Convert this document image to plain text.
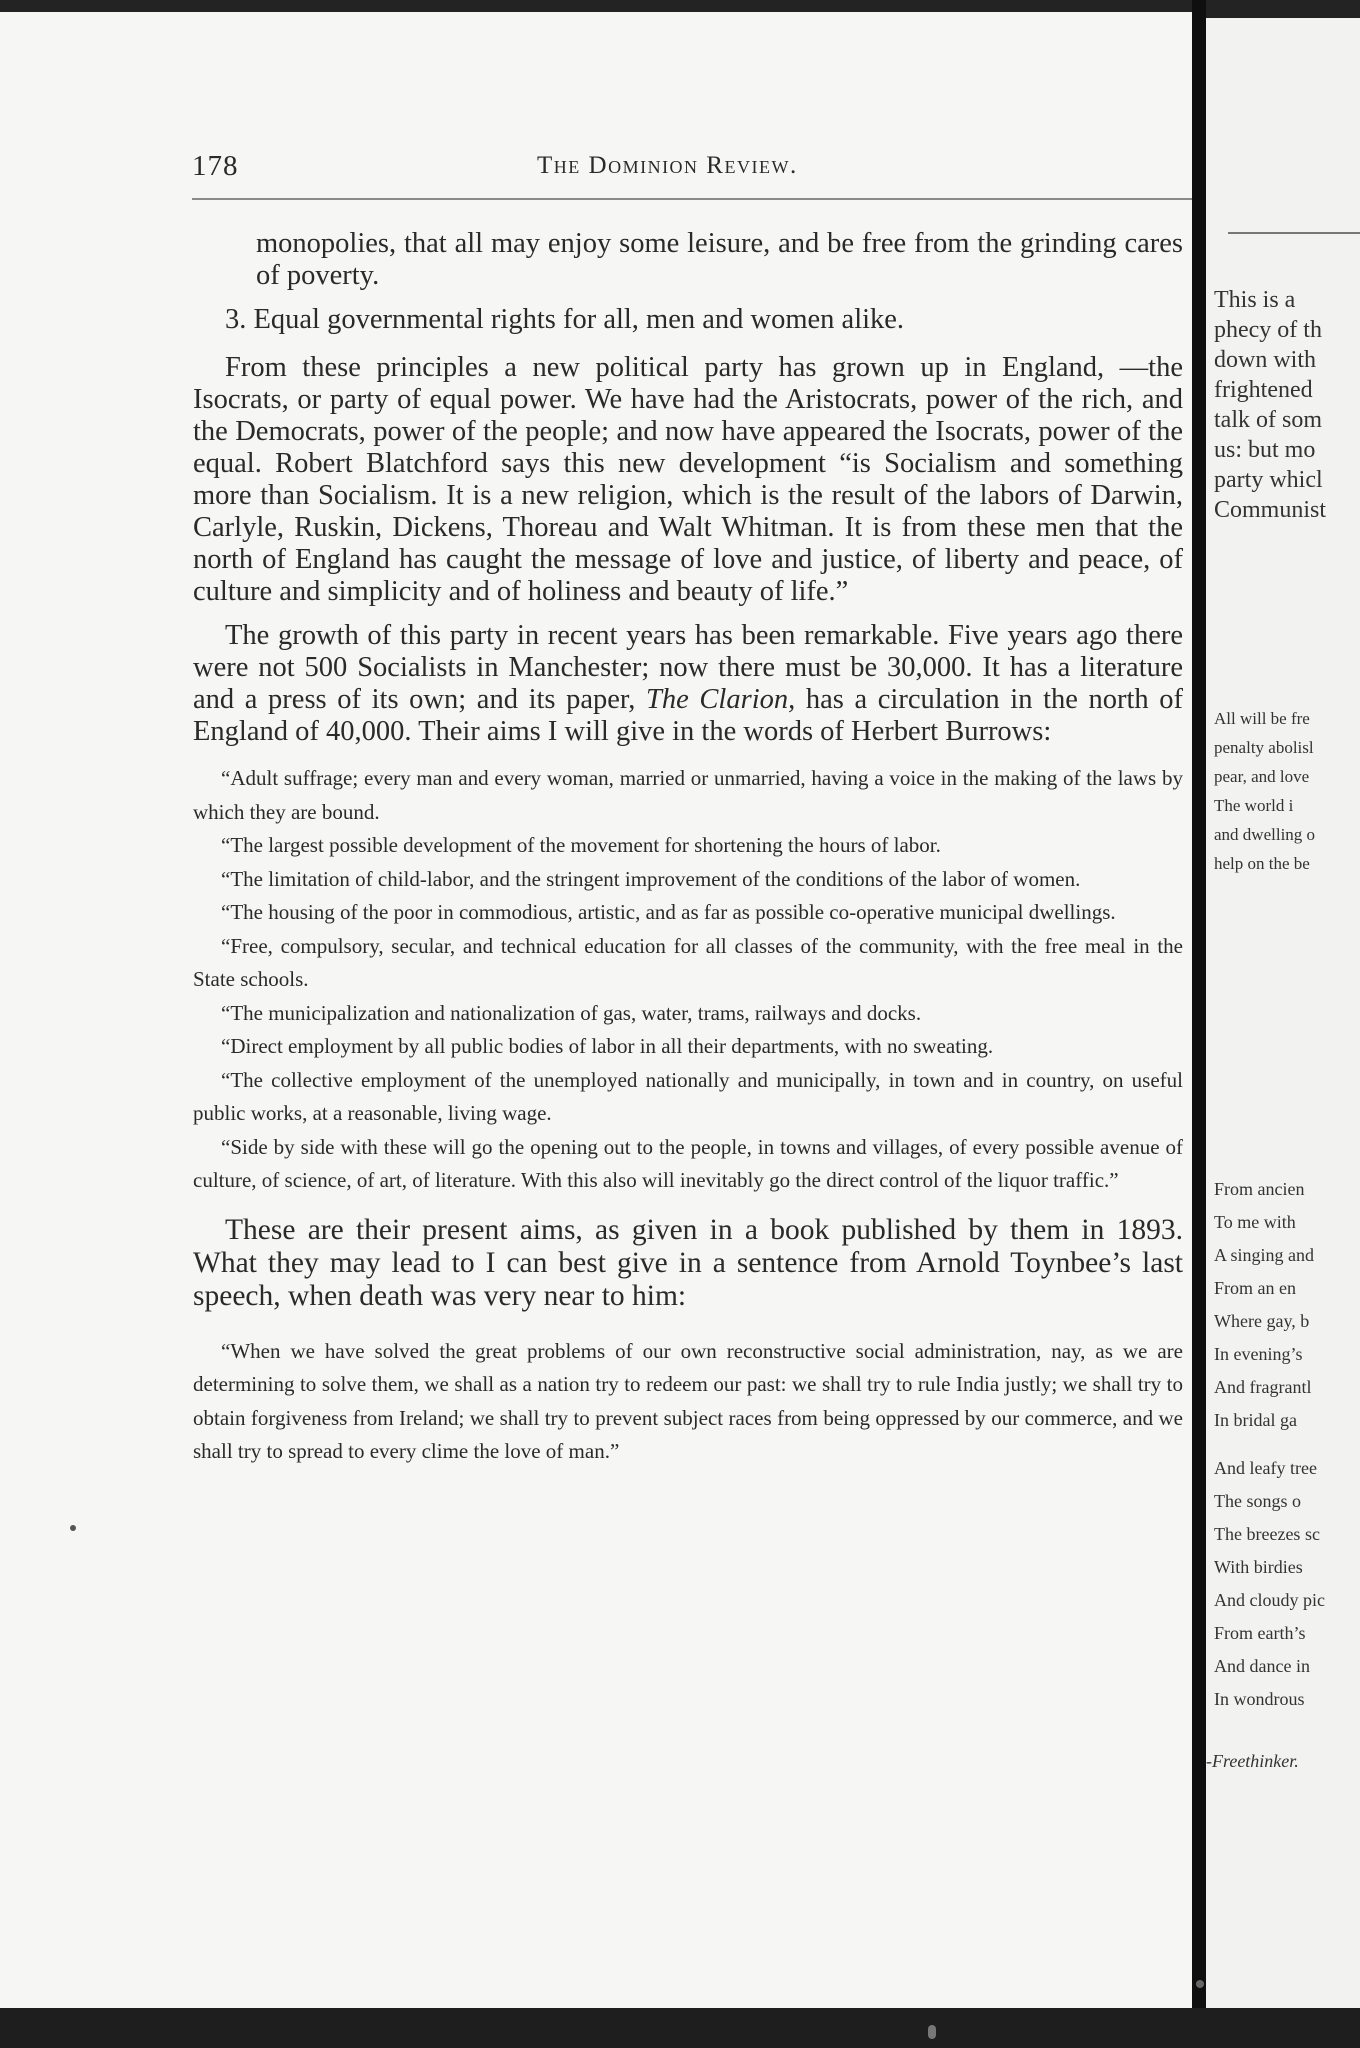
This is a
phecy of th
down with
frightened
talk of som
us: but mo
party whicl
Communist
All will be fre
penalty abolisl
pear, and love
The world i
and dwelling o
help on the be
From ancien
To me with
A singing and
From an en
Where gay, b
In evening’s
And fragrantl
In bridal ga
And leafy tree
The songs o
The breezes sc
With birdies
And cloudy pic
From earth’s
And dance in
In wondrous
-Freethinker.
178	The Dominion Review.

monopolies, that all may enjoy some leisure, and be free from the grinding cares of poverty.

3. Equal governmental rights for all, men and women alike.

From these principles a new political party has grown up in England, —the Isocrats, or party of equal power. We have had the Aristocrats, power of the rich, and the Democrats, power of the people; and now have appeared the Isocrats, power of the equal. Robert Blatchford says this new development “is Socialism and something more than Socialism. It is a new religion, which is the result of the labors of Darwin, Carlyle, Ruskin, Dickens, Thoreau and Walt Whitman. It is from these men that the north of England has caught the message of love and justice, of liberty and peace, of culture and simplicity and of holiness and beauty of life.”

The growth of this party in recent years has been remarkable. Five years ago there were not 500 Socialists in Manchester; now there must be 30,000. It has a literature and a press of its own; and its paper, The Clarion, has a circulation in the north of England of 40,000. Their aims I will give in the words of Herbert Burrows:

“Adult suffrage; every man and every woman, married or unmarried, having a voice in the making of the laws by which they are bound.

“The largest possible development of the movement for shortening the hours of labor.

“The limitation of child-labor, and the stringent improvement of the conditions of the labor of women.

“The housing of the poor in commodious, artistic, and as far as possible co-operative municipal dwellings.

“Free, compulsory, secular, and technical education for all classes of the community, with the free meal in the State schools.

“The municipalization and nationalization of gas, water, trams, railways and docks.

“Direct employment by all public bodies of labor in all their departments, with no sweating.

“The collective employment of the unemployed nationally and municipally, in town and in country, on useful public works, at a reasonable, living wage.

“Side by side with these will go the opening out to the people, in towns and villages, of every possible avenue of culture, of science, of art, of literature. With this also will inevitably go the direct control of the liquor traffic.”

These are their present aims, as given in a book published by them in 1893. What they may lead to I can best give in a sentence from Arnold Toynbee’s last speech, when death was very near to him:

“When we have solved the great problems of our own reconstructive social administration, nay, as we are determining to solve them, we shall as a nation try to redeem our past: we shall try to rule India justly; we shall try to obtain forgiveness from Ireland; we shall try to prevent subject races from being oppressed by our commerce, and we shall try to spread to every clime the love of man.”
